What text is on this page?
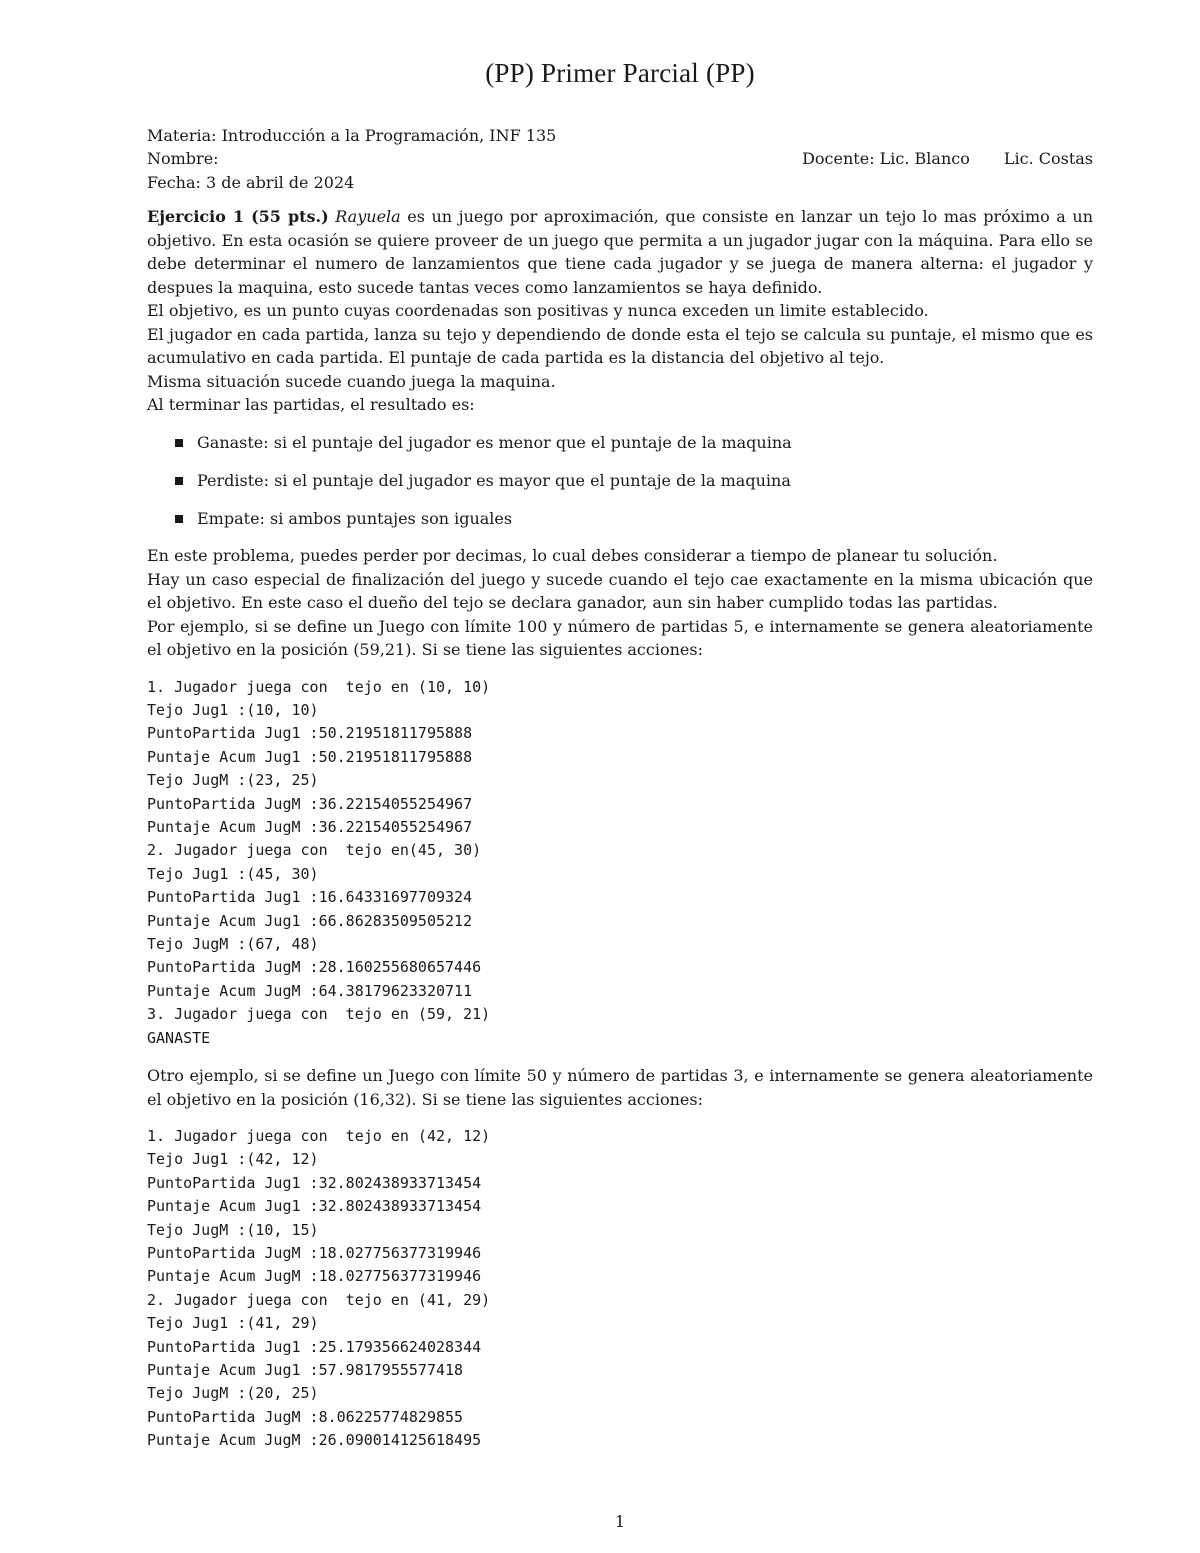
(PP) Primer Parcial (PP)
Materia: Introducción a la Programación, INF 135
Nombre:	Docente: Lic. Blanco Lic. Costas
Fecha: 3 de abril de 2024

Ejercicio 1 (55 pts.) Rayuela es un juego por aproximación, que consiste en lanzar un tejo lo mas próximo a un objetivo. En esta ocasión se quiere proveer de un juego que permita a un jugador jugar con la máquina. Para ello se debe determinar el numero de lanzamientos que tiene cada jugador y se juega de manera alterna: el jugador y despues la maquina, esto sucede tantas veces como lanzamientos se haya definido.

El objetivo, es un punto cuyas coordenadas son positivas y nunca exceden un limite establecido.

El jugador en cada partida, lanza su tejo y dependiendo de donde esta el tejo se calcula su puntaje, el mismo que es acumulativo en cada partida. El puntaje de cada partida es la distancia del objetivo al tejo.

Misma situación sucede cuando juega la maquina.

Al terminar las partidas, el resultado es:

Ganaste: si el puntaje del jugador es menor que el puntaje de la maquina
Perdiste: si el puntaje del jugador es mayor que el puntaje de la maquina
Empate: si ambos puntajes son iguales

En este problema, puedes perder por decimas, lo cual debes considerar a tiempo de planear tu solución.

Hay un caso especial de finalización del juego y sucede cuando el tejo cae exactamente en la misma ubicación que el objetivo. En este caso el dueño del tejo se declara ganador, aun sin haber cumplido todas las partidas.

Por ejemplo, si se define un Juego con límite 100 y número de partidas 5, e internamente se genera aleatoriamente el objetivo en la posición (59,21). Si se tiene las siguientes acciones:

1. Jugador juega con  tejo en (10, 10)
Tejo Jug1 :(10, 10)
PuntoPartida Jug1 :50.21951811795888
Puntaje Acum Jug1 :50.21951811795888
Tejo JugM :(23, 25)
PuntoPartida JugM :36.22154055254967
Puntaje Acum JugM :36.22154055254967
2. Jugador juega con  tejo en(45, 30)
Tejo Jug1 :(45, 30)
PuntoPartida Jug1 :16.64331697709324
Puntaje Acum Jug1 :66.86283509505212
Tejo JugM :(67, 48)
PuntoPartida JugM :28.160255680657446
Puntaje Acum JugM :64.38179623320711
3. Jugador juega con  tejo en (59, 21)
GANASTE

Otro ejemplo, si se define un Juego con límite 50 y número de partidas 3, e internamente se genera aleatoriamente el objetivo en la posición (16,32). Si se tiene las siguientes acciones:

1. Jugador juega con  tejo en (42, 12)
Tejo Jug1 :(42, 12)
PuntoPartida Jug1 :32.802438933713454
Puntaje Acum Jug1 :32.802438933713454
Tejo JugM :(10, 15)
PuntoPartida JugM :18.027756377319946
Puntaje Acum JugM :18.027756377319946
2. Jugador juega con  tejo en (41, 29)
Tejo Jug1 :(41, 29)
PuntoPartida Jug1 :25.179356624028344
Puntaje Acum Jug1 :57.9817955577418
Tejo JugM :(20, 25)
PuntoPartida JugM :8.06225774829855
Puntaje Acum JugM :26.090014125618495
1
